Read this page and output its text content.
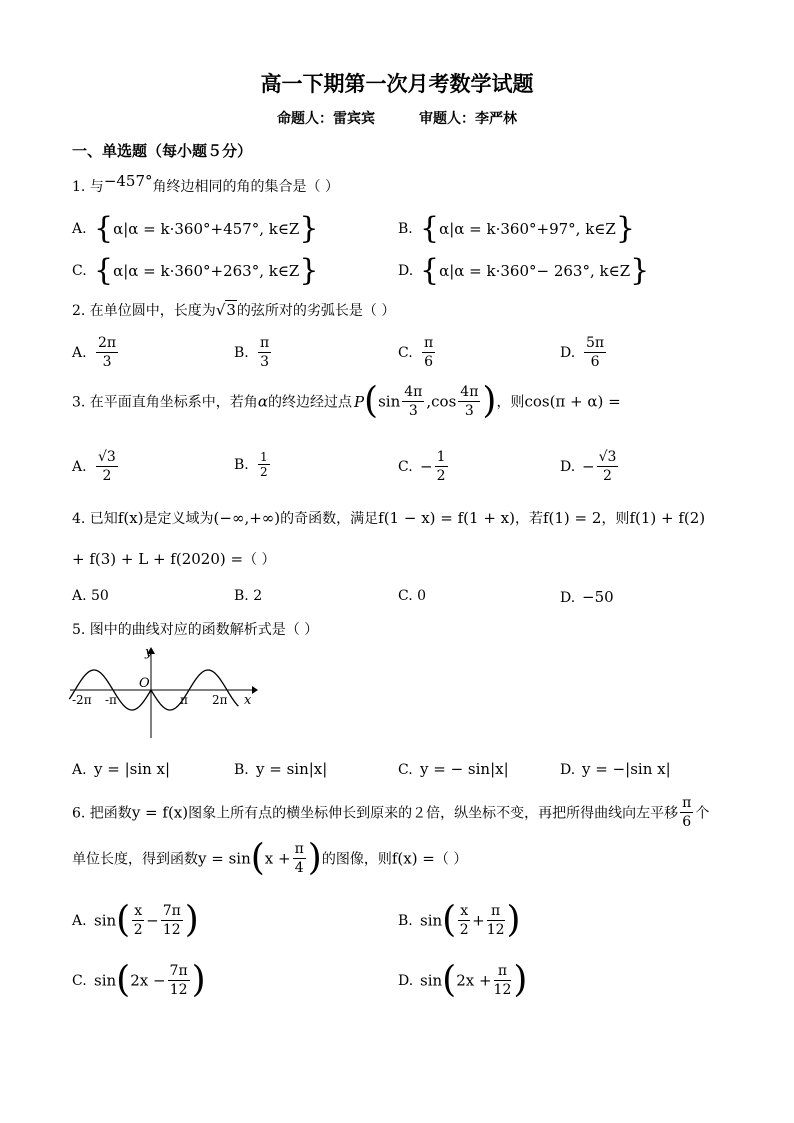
高一下期第一次月考数学试题
命题人：雷宾宾	审题人：李严林
一、单选题（每小题５分）
1. 与−457°角终边相同的角的集合是（ ）
A. {α|α = k·360°+457°, k∈Z}	B. {α|α = k·360°+97°, k∈Z}
C. {α|α = k·360°+263°, k∈Z}	D. {α|α = k·360°− 263°, k∈Z}
2. 在单位圆中，长度为√3的弦所对的劣弧长是（ ）
A. $\frac{2\pi}{3}$	B. $\frac{\pi}{3}$	C. $\frac{\pi}{6}$	D. $\frac{5\pi}{6}$
3. 在平面直角坐标系中，若角α的终边经过点 $P(\sin \frac{4\pi}{3} ,\cos \frac{4\pi}{3}$ )，则cos(π + α) =
A. $\frac{√3}{2}$	B. $\frac{1}{2}$	C. − $\frac{1}{2}$	D. − $\frac{√3}{2}$
4. 已知f(x)是定义域为(−∞,+∞)的奇函数，满足f(1 − x) = f(1 + x)，若f(1) = 2，则f(1) + f(2)
+ f(3) + L + f(2020) =（ ）
A. 50	B. 2	C. 0	D. −50
5. 图中的曲线对应的函数解析式是（ ）
y
x
O
-2π -π	π 2π
A. y = |sin x|	B. y = sin|x|	C. y = − sin|x|	D. y = −|sin x|
6. 把函数y = f(x)图象上所有点的横坐标伸长到原来的２倍，纵坐标不变，再把所得曲线向左平移 $\frac{\pi}{6}$ 个
单位长度，得到函数$y = \sin(x + \frac{\pi}{4}$ )的图像，则f(x) =（ ）
A. $\sin( \frac{x}{2} - \frac{7\pi}{12}$ )	B. $\sin( \frac{x}{2} + \frac{\pi}{12}$ )
C. $\sin(2x - \frac{7\pi}{12}$ )	D. $\sin(2x + \frac{\pi}{12}$ )
